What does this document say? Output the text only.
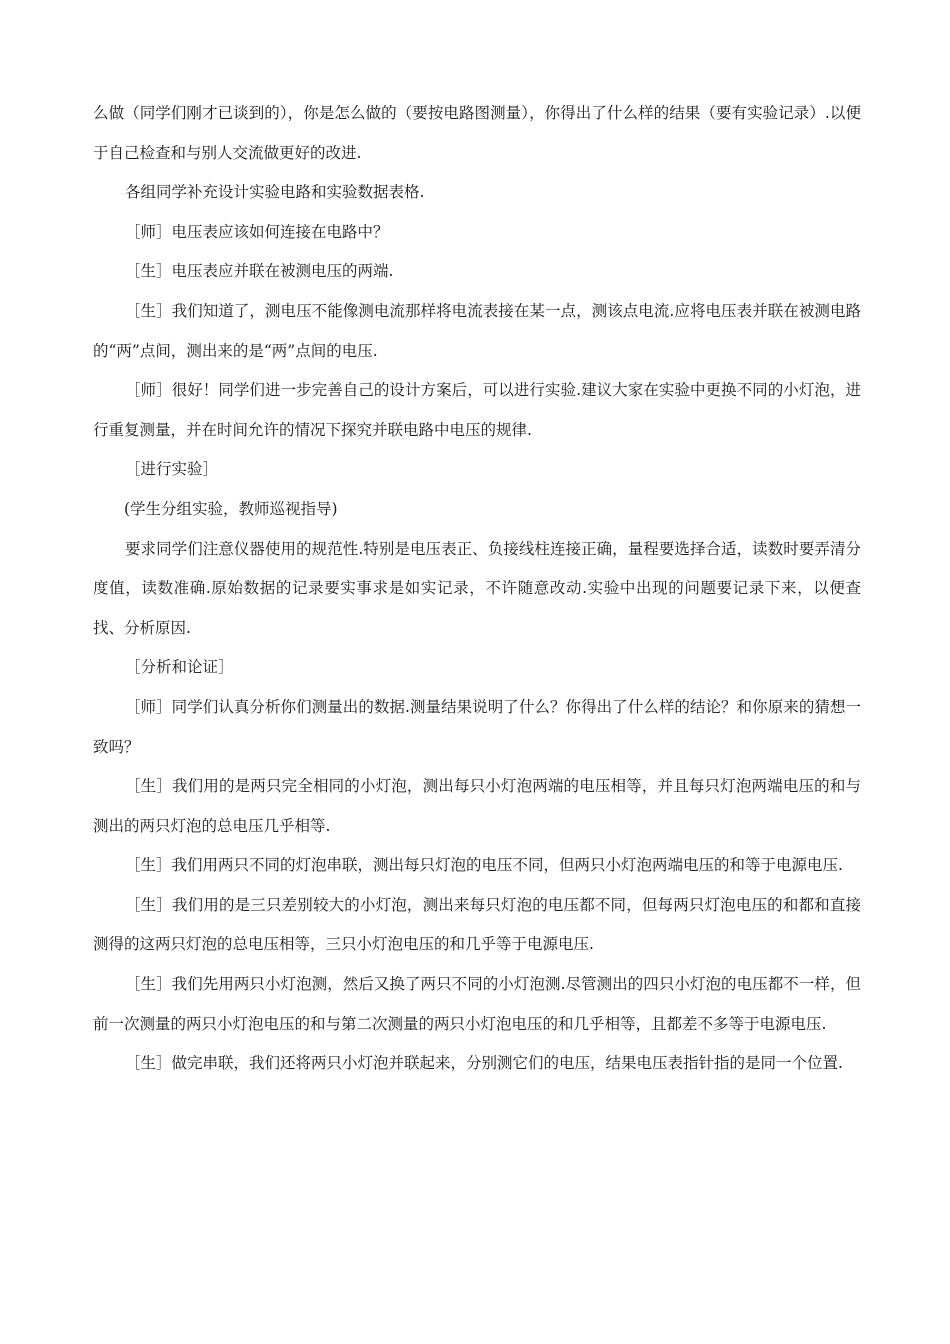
么做（同学们刚才已谈到的），你是怎么做的（要按电路图测量），你得出了什么样的结果（要有实验记录）.以便于自己检查和与别人交流做更好的改进.

各组同学补充设计实验电路和实验数据表格.

［师］电压表应该如何连接在电路中？

［生］电压表应并联在被测电压的两端.

［生］我们知道了，测电压不能像测电流那样将电流表接在某一点，测该点电流.应将电压表并联在被测电路的“两”点间，测出来的是“两”点间的电压.

［师］很好！同学们进一步完善自己的设计方案后，可以进行实验.建议大家在实验中更换不同的小灯泡，进行重复测量，并在时间允许的情况下探究并联电路中电压的规律.

［进行实验］

(学生分组实验，教师巡视指导)

要求同学们注意仪器使用的规范性.特别是电压表正、负接线柱连接正确，量程要选择合适，读数时要弄清分度值，读数准确.原始数据的记录要实事求是如实记录，不许随意改动.实验中出现的问题要记录下来，以便查找、分析原因.

［分析和论证］

［师］同学们认真分析你们测量出的数据.测量结果说明了什么？你得出了什么样的结论？和你原来的猜想一致吗？

［生］我们用的是两只完全相同的小灯泡，测出每只小灯泡两端的电压相等，并且每只灯泡两端电压的和与测出的两只灯泡的总电压几乎相等.

［生］我们用两只不同的灯泡串联，测出每只灯泡的电压不同，但两只小灯泡两端电压的和等于电源电压.

［生］我们用的是三只差别较大的小灯泡，测出来每只灯泡的电压都不同，但每两只灯泡电压的和都和直接测得的这两只灯泡的总电压相等，三只小灯泡电压的和几乎等于电源电压.

［生］我们先用两只小灯泡测，然后又换了两只不同的小灯泡测.尽管测出的四只小灯泡的电压都不一样，但前一次测量的两只小灯泡电压的和与第二次测量的两只小灯泡电压的和几乎相等，且都差不多等于电源电压.

［生］做完串联，我们还将两只小灯泡并联起来，分别测它们的电压，结果电压表指针指的是同一个位置.
